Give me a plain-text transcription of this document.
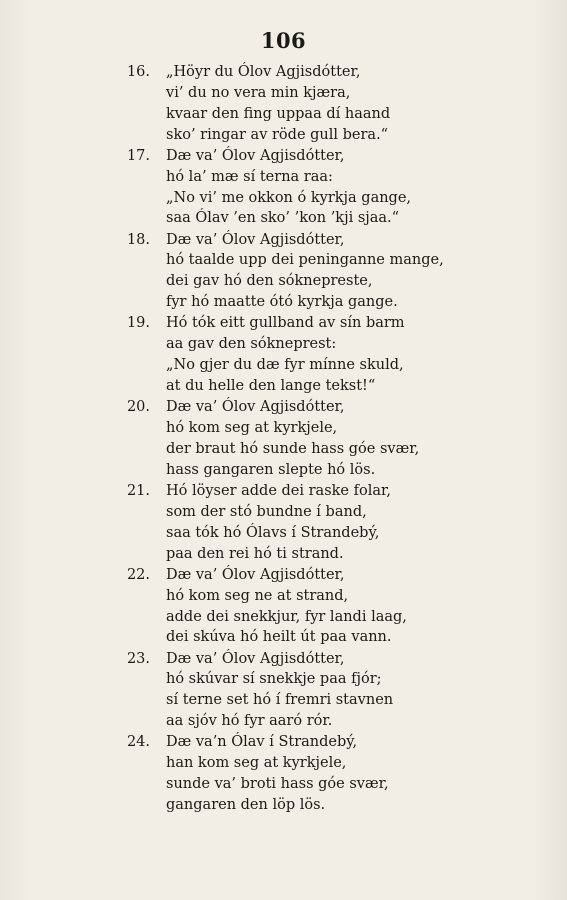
106
16. „Höyr du Ólov Agjisdótter,
vi’ du no vera min kjæra,
kvaar den fing uppaa dí haand
sko’ ringar av röde gull bera.“
17. Dæ va’ Ólov Agjisdótter,
hó la’ mæ sí terna raa:
„No vi’ me okkon ó kyrkja gange,
saa Ólav ’en sko’ ’kon ’kji sjaa.“
18. Dæ va’ Ólov Agjisdótter,
hó taalde upp dei peninganne mange,
dei gav hó den sóknepreste,
fyr hó maatte ótó kyrkja gange.
19. Hó tók eitt gullband av sín barm
aa gav den sókneprest:
„No gjer du dæ fyr mínne skuld,
at du helle den lange tekst!“
20. Dæ va’ Ólov Agjisdótter,
hó kom seg at kyrkjele,
der braut hó sunde hass góe svær,
hass gangaren slepte hó lös.
21. Hó löyser adde dei raske folar,
som der stó bundne í band,
saa tók hó Ólavs í Strandebý,
paa den rei hó ti strand.
22. Dæ va’ Ólov Agjisdótter,
hó kom seg ne at strand,
adde dei snekkjur, fyr landi laag,
dei skúva hó heilt út paa vann.
23. Dæ va’ Ólov Agjisdótter,
hó skúvar sí snekkje paa fjór;
sí terne set hó í fremri stavnen
aa sjóv hó fyr aaró rór.
24. Dæ va’n Ólav í Strandebý,
han kom seg at kyrkjele,
sunde va’ broti hass góe svær,
gangaren den löp lös.
